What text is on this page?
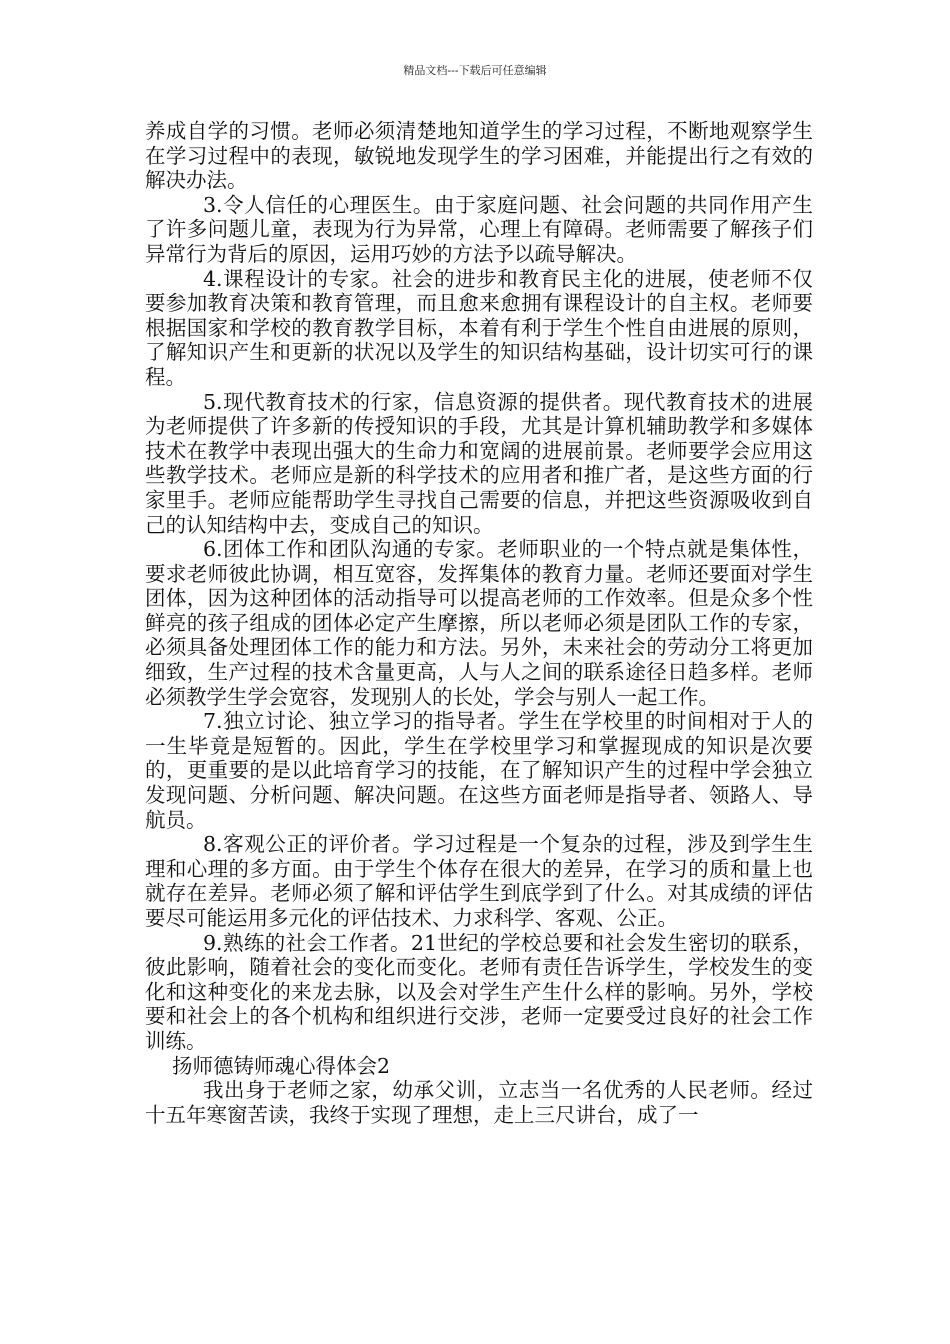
精品文档---下载后可任意编辑

养成自学的习惯。老师必须清楚地知道学生的学习过程，不断地观察学生在学习过程中的表现，敏锐地发现学生的学习困难，并能提出行之有效的解决办法。

3.令人信任的心理医生。由于家庭问题、社会问题的共同作用产生了许多问题儿童，表现为行为异常，心理上有障碍。老师需要了解孩子们异常行为背后的原因，运用巧妙的方法予以疏导解决。

4.课程设计的专家。社会的进步和教育民主化的进展，使老师不仅要参加教育决策和教育管理，而且愈来愈拥有课程设计的自主权。老师要根据国家和学校的教育教学目标，本着有利于学生个性自由进展的原则，了解知识产生和更新的状况以及学生的知识结构基础，设计切实可行的课程。

5.现代教育技术的行家，信息资源的提供者。现代教育技术的进展为老师提供了许多新的传授知识的手段，尤其是计算机辅助教学和多媒体技术在教学中表现出强大的生命力和宽阔的进展前景。老师要学会应用这些教学技术。老师应是新的科学技术的应用者和推广者，是这些方面的行家里手。老师应能帮助学生寻找自己需要的信息，并把这些资源吸收到自己的认知结构中去，变成自己的知识。

6.团体工作和团队沟通的专家。老师职业的一个特点就是集体性，要求老师彼此协调，相互宽容，发挥集体的教育力量。老师还要面对学生团体，因为这种团体的活动指导可以提高老师的工作效率。但是众多个性鲜亮的孩子组成的团体必定产生摩擦，所以老师必须是团队工作的专家，必须具备处理团体工作的能力和方法。另外，未来社会的劳动分工将更加细致，生产过程的技术含量更高，人与人之间的联系途径日趋多样。老师必须教学生学会宽容，发现别人的长处，学会与别人一起工作。

7.独立讨论、独立学习的指导者。学生在学校里的时间相对于人的一生毕竟是短暂的。因此，学生在学校里学习和掌握现成的知识是次要的，更重要的是以此培育学习的技能，在了解知识产生的过程中学会独立发现问题、分析问题、解决问题。在这些方面老师是指导者、领路人、导航员。

8.客观公正的评价者。学习过程是一个复杂的过程，涉及到学生生理和心理的多方面。由于学生个体存在很大的差异，在学习的质和量上也就存在差异。老师必须了解和评估学生到底学到了什么。对其成绩的评估要尽可能运用多元化的评估技术、力求科学、客观、公正。

9.熟练的社会工作者。21世纪的学校总要和社会发生密切的联系，彼此影响，随着社会的变化而变化。老师有责任告诉学生，学校发生的变化和这种变化的来龙去脉，以及会对学生产生什么样的影响。另外，学校要和社会上的各个机构和组织进行交涉，老师一定要受过良好的社会工作训练。

扬师德铸师魂心得体会2

我出身于老师之家，幼承父训，立志当一名优秀的人民老师。经过十五年寒窗苦读，我终于实现了理想，走上三尺讲台，成了一
